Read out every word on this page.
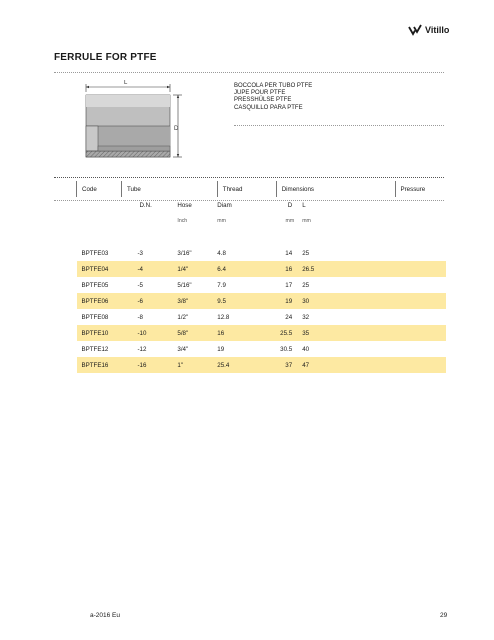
Vitillo
FERRULE FOR PTFE
L
D
BOCCOLA PER TUBO PTFE
JUPE POUR PTFE
PRESSHÜLSE PTFE
CASQUILLO PARA PTFE
Code	Tube		Thread	Dimensions		Pressure
	D.N.	Hose	Diam	D	L	
		Inch	mm	mm	mm	

BPTFE03	-3	3/16"	4.8	14	25	
BPTFE04	-4	1/4"	6.4	16	26.5	
BPTFE05	-5	5/16"	7.9	17	25	
BPTFE06	-6	3/8"	9.5	19	30	
BPTFE08	-8	1/2"	12.8	24	32	
BPTFE10	-10	5/8"	16	25.5	35	
BPTFE12	-12	3/4"	19	30.5	40	
BPTFE16	-16	1"	25.4	37	47	
a-2016 Eu	29
